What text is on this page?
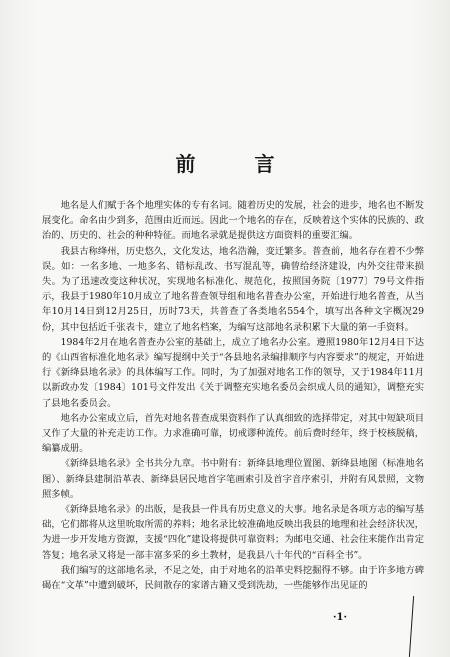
前 言

地名是人们赋于各个地理实体的专有名词。随着历史的发展，社会的进步，地名也不断发展变化。命名由少到多，范围由近而远。因此一个地名的存在，反映着这个实体的民族的、政治的、历史的、社会的种种特征。而地名录就是提供这方面资料的重要汇编。

我县古称绛州，历史悠久，文化发达，地名浩瀚，变迁繁多。普查前，地名存在着不少弊误。如：一名多地、一地多名、错标乱改、书写混乱等，确曾给经济建设，内外交往带来损失。为了迅速改变这种状况，实现地名标准化、规范化，按照国务院〔1977〕79号文件指示，我县于1980年10月成立了地名普查领导组和地名普查办公室，开始进行地名普查，从当年10月14日到12月25日，历时73天，共普查了各类地名554个，填写出各种文字概况29份，其中包括近千张表卡，建立了地名档案，为编写这部地名录积累下大量的第一手资料。

1984年2月在地名普查办公室的基础上，成立了地名办公室。遵照1980年12月4日下达的《山西省标准化地名录》编写提纲中关于“各县地名录编排顺序与内容要求”的规定，开始进行《新绛县地名录》的具体编写工作。同时，为了加强对地名工作的领导，又于1984年11月以新政办发〔1984〕101号文件发出《关于调整充实地名委员会织成人员的通知》，调整充实了县地名委员会。

地名办公室成立后，首先对地名普查成果资料作了认真细致的选择带定，对其中短缺项目又作了大量的补充走访工作。力求准确可靠，切戒谬种流传。前后费时经年，终于校核脱稿，编纂成册。

《新绛县地名录》全书共分九章。书中附有：新绛县地理位置图、新绛县地图（标准地名图）、新绛县建制沿革表、新绛县居民地首字笔画索引及首字音序索引，并附有风景照，文物照多帧。

《新绛县地名录》的出版，是我县一件具有历史意义的大事。地名录是各项方志的编写基础，它们都将从这里吮取所需的养料；地名录比较准确地反映出我县的地理和社会经济状况，为进一步开发地方资源，支援“四化”建设将提供可靠资料；为邮电交通、社会往来能作出肯定答复；地名录又将是一部丰富多采的乡土教材，是我县八十年代的“百科全书”。

我们编写的这部地名录，不足之处，由于对地名的沿革史料挖掘得不够。由于许多地方碑碣在“文革”中遭到破坏，民间散存的家谱古籍又受到洗劫，一些能够作出见证的

·1·
